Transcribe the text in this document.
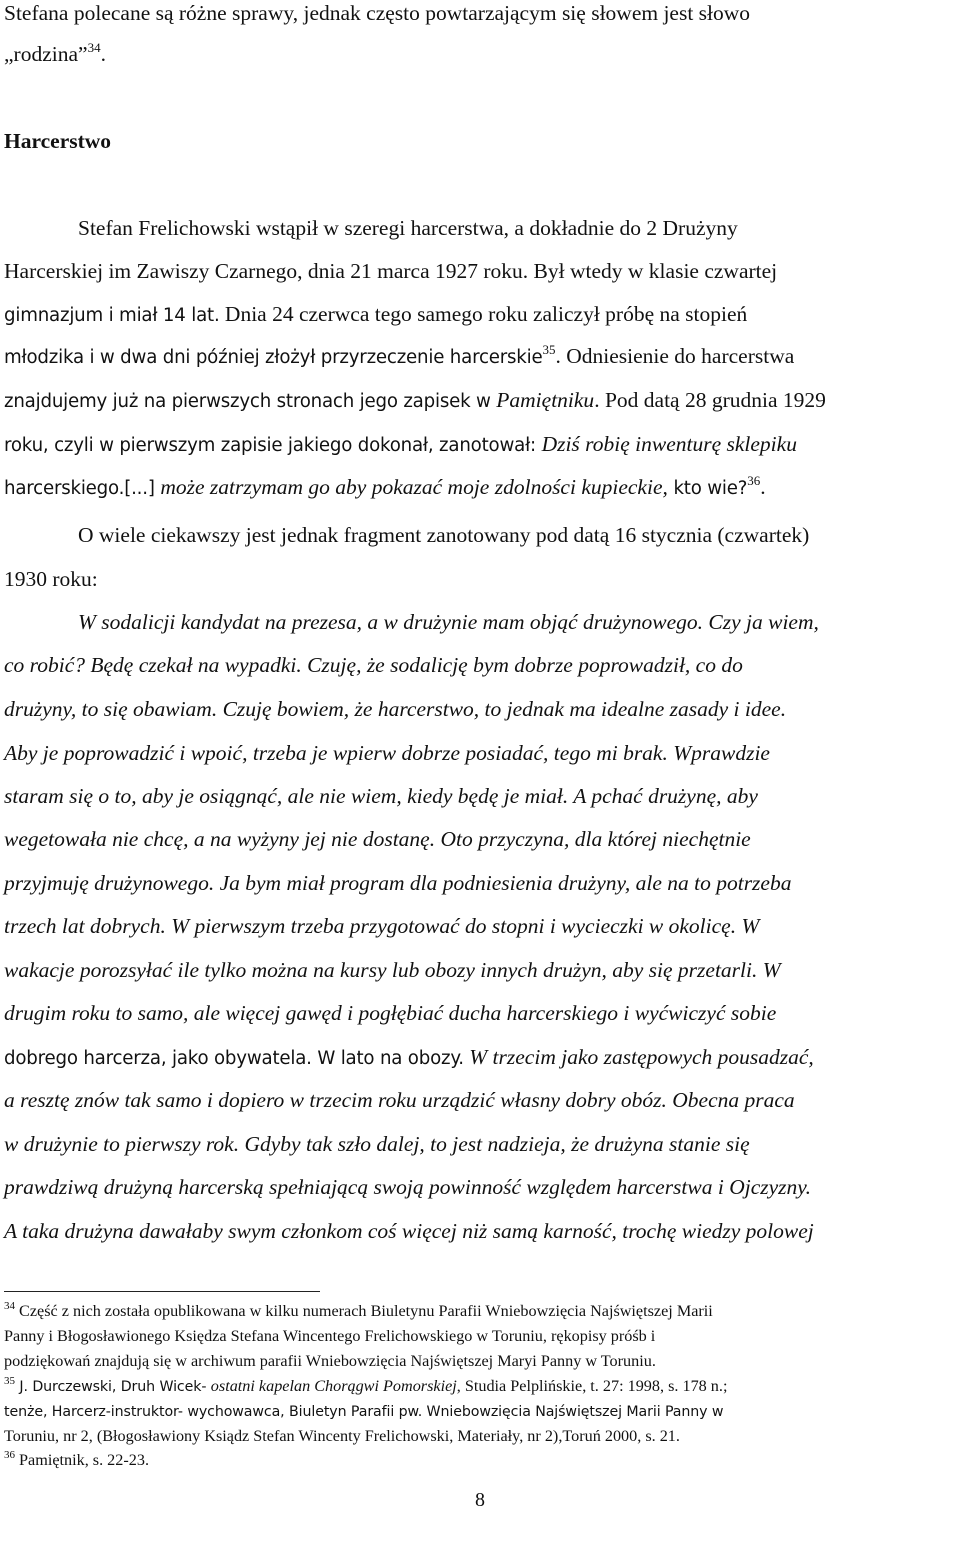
Stefana polecane są różne sprawy, jednak często powtarzającym się słowem jest słowo
„rodzina”$^{34}$.
Harcerstwo
Stefan Frelichowski wstąpił w szeregi harcerstwa, a dokładnie do 2 Drużyny
Harcerskiej im Zawiszy Czarnego, dnia 21 marca 1927 roku. Był wtedy w klasie czwartej
gimnazjum i miał 14 lat. Dnia 24 czerwca tego samego roku zaliczył próbę na stopień
młodzika i w dwa dni później złożył przyrzeczenie harcerskie$^{35}$. Odniesienie do harcerstwa
znajdujemy już na pierwszych stronach jego zapisek w Pamiętniku. Pod datą 28 grudnia 1929
roku, czyli w pierwszym zapisie jakiego dokonał, zanotował: Dziś robię inwenturę sklepiku
harcerskiego.[...] może zatrzymam go aby pokazać moje zdolności kupieckie, kto wie?$^{36}$.
O wiele ciekawszy jest jednak fragment zanotowany pod datą 16 stycznia (czwartek)
1930 roku:
W sodalicji kandydat na prezesa, a w drużynie mam objąć drużynowego. Czy ja wiem,
co robić? Będę czekał na wypadki. Czuję, że sodalicję bym dobrze poprowadził, co do
drużyny, to się obawiam. Czuję bowiem, że harcerstwo, to jednak ma idealne zasady i idee.
Aby je poprowadzić i wpoić, trzeba je wpierw dobrze posiadać, tego mi brak. Wprawdzie
staram się o to, aby je osiągnąć, ale nie wiem, kiedy będę je miał. A pchać drużynę, aby
wegetowała nie chcę, a na wyżyny jej nie dostanę. Oto przyczyna, dla której niechętnie
przyjmuję drużynowego. Ja bym miał program dla podniesienia drużyny, ale na to potrzeba
trzech lat dobrych. W pierwszym trzeba przygotować do stopni i wycieczki w okolicę. W
wakacje porozsyłać ile tylko można na kursy lub obozy innych drużyn, aby się przetarli. W
drugim roku to samo, ale więcej gawęd i pogłębiać ducha harcerskiego i wyćwiczyć sobie
dobrego harcerza, jako obywatela. W lato na obozy. W trzecim jako zastępowych pousadzać,
a resztę znów tak samo i dopiero w trzecim roku urządzić własny dobry obóz. Obecna praca
w drużynie to pierwszy rok. Gdyby tak szło dalej, to jest nadzieja, że drużyna stanie się
prawdziwą drużyną harcerską spełniającą swoją powinność względem harcerstwa i Ojczyzny.
A taka drużyna dawałaby swym członkom coś więcej niż samą karność, trochę wiedzy polowej
$^{34}$ Część z nich została opublikowana w kilku numerach Biuletynu Parafii Wniebowzięcia Najświętszej Marii
Panny i Błogosławionego Księdza Stefana Wincentego Frelichowskiego w Toruniu, rękopisy próśb i
podziękowań znajdują się w archiwum parafii Wniebowzięcia Najświętszej Maryi Panny w Toruniu.
$^{35}$ J. Durczewski, Druh Wicek- ostatni kapelan Chorągwi Pomorskiej, Studia Pelplińskie, t. 27: 1998, s. 178 n.;
tenże, Harcerz-instruktor- wychowawca, Biuletyn Parafii pw. Wniebowzięcia Najświętszej Marii Panny w
Toruniu, nr 2, (Błogosławiony Ksiądz Stefan Wincenty Frelichowski, Materiały, nr 2),Toruń 2000, s. 21.
$^{36}$ Pamiętnik, s. 22-23.
8
